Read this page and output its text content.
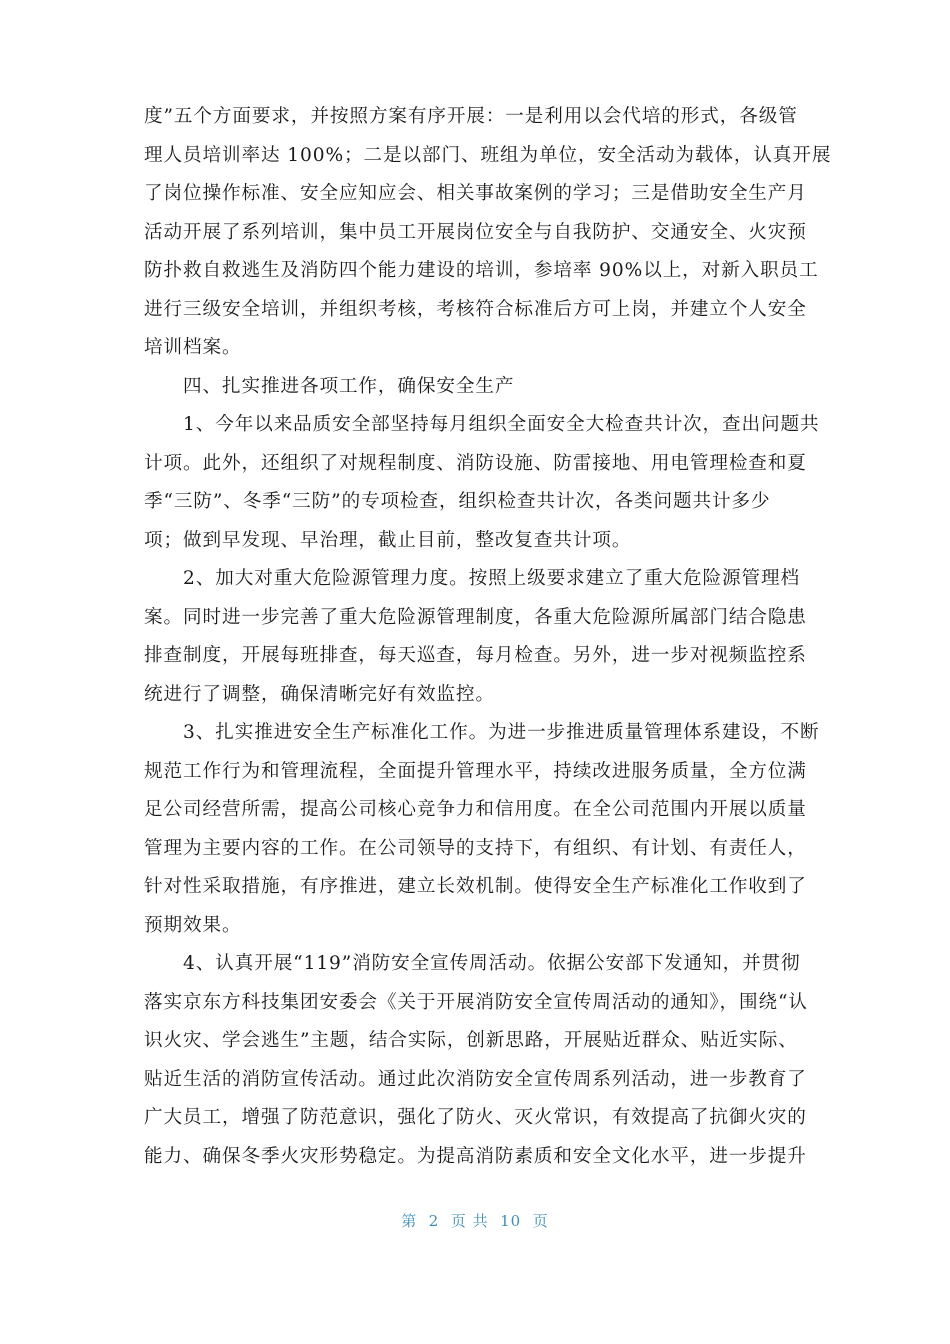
度”五个方面要求，并按照方案有序开展：一是利用以会代培的形式，各级管
理人员培训率达 100%；二是以部门、班组为单位，安全活动为载体，认真开展
了岗位操作标准、安全应知应会、相关事故案例的学习；三是借助安全生产月
活动开展了系列培训，集中员工开展岗位安全与自我防护、交通安全、火灾预
防扑救自救逃生及消防四个能力建设的培训，参培率 90%以上，对新入职员工
进行三级安全培训，并组织考核，考核符合标准后方可上岗，并建立个人安全
培训档案。
　　四、扎实推进各项工作，确保安全生产
　　1、今年以来品质安全部坚持每月组织全面安全大检查共计次，查出问题共
计项。此外，还组织了对规程制度、消防设施、防雷接地、用电管理检查和夏
季“三防”、冬季“三防”的专项检查，组织检查共计次，各类问题共计多少
项；做到早发现、早治理，截止目前，整改复查共计项。
　　2、加大对重大危险源管理力度。按照上级要求建立了重大危险源管理档
案。同时进一步完善了重大危险源管理制度，各重大危险源所属部门结合隐患
排查制度，开展每班排查，每天巡查，每月检查。另外，进一步对视频监控系
统进行了调整，确保清晰完好有效监控。
　　3、扎实推进安全生产标准化工作。为进一步推进质量管理体系建设，不断
规范工作行为和管理流程，全面提升管理水平，持续改进服务质量，全方位满
足公司经营所需，提高公司核心竞争力和信用度。在全公司范围内开展以质量
管理为主要内容的工作。在公司领导的支持下，有组织、有计划、有责任人，
针对性采取措施，有序推进，建立长效机制。使得安全生产标准化工作收到了
预期效果。
　　4、认真开展“119”消防安全宣传周活动。依据公安部下发通知，并贯彻
落实京东方科技集团安委会《关于开展消防安全宣传周活动的通知》，围绕“认
识火灾、学会逃生”主题，结合实际，创新思路，开展贴近群众、贴近实际、
贴近生活的消防宣传活动。通过此次消防安全宣传周系列活动，进一步教育了
广大员工，增强了防范意识，强化了防火、灭火常识，有效提高了抗御火灾的
能力、确保冬季火灾形势稳定。为提高消防素质和安全文化水平，进一步提升
第  2  页 共  10  页
